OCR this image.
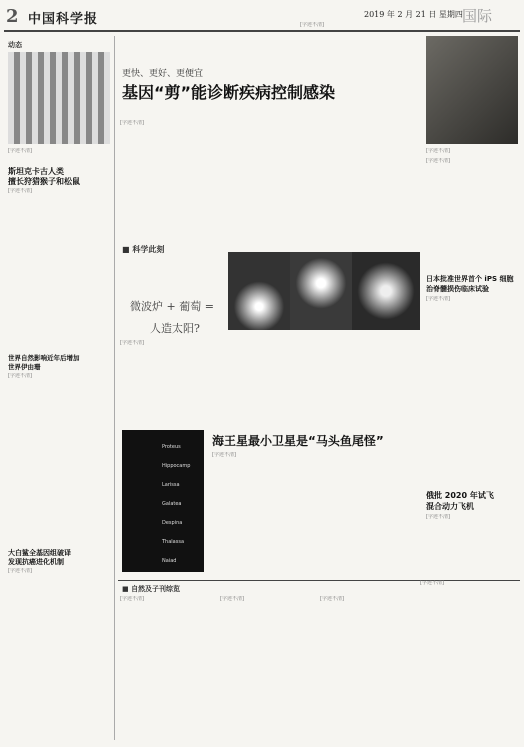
2 中国科学报	2019 年 2 月 21 日 星期四
[字迹不清]	国际
动态
[字迹不清]
斯坦克卡古人类
擅长狩猎猴子和松鼠
[字迹不清]
世界自然影响近年后增加
世界伊由珊
[字迹不清]
大白鲨全基因组破译
发现抗癌进化机制
[字迹不清]
更快、更好、更便宜
基因“剪”能诊断疾病控制感染
[字迹不清]
[字迹不清]
[字迹不清]
■ 科学此刻
微波炉 + 葡萄 =
人造太阳?
[字迹不清]
日本批准世界首个 iPS 细胞
治脊髓损伤临床试验
[字迹不清]
俄批 2020 年试飞
混合动力飞机
[字迹不清]
Proteus
Hippocamp
Larissa
Galatea
Despina
Thalassa
Naiad
海王星最小卫星是“马头鱼尾怪”
[字迹不清]
■ 自然及子刊综览
[字迹不清]	[字迹不清]	[字迹不清]
[字迹不清]
